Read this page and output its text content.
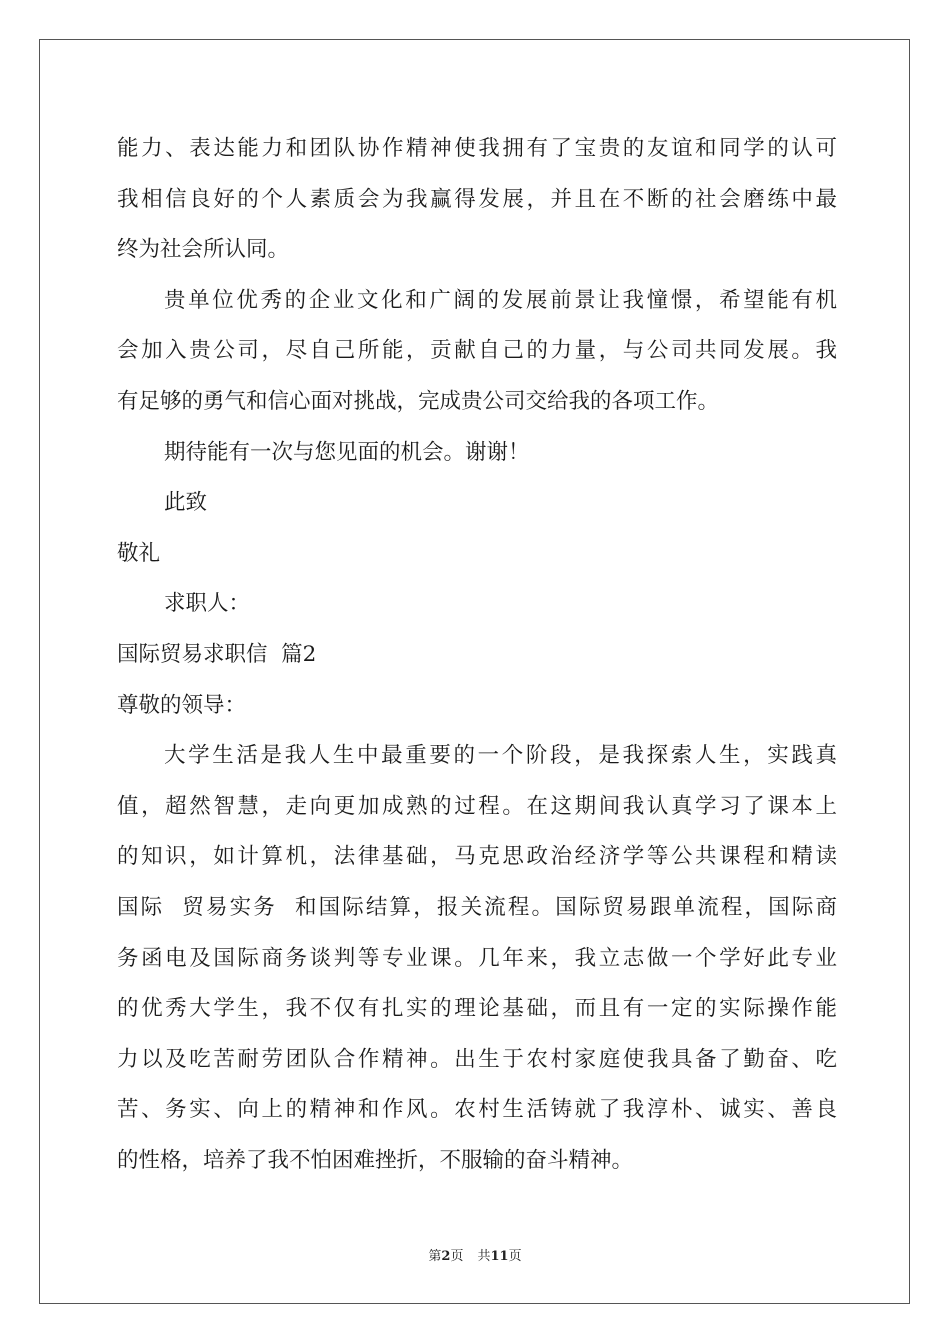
能力、表达能力和团队协作精神使我拥有了宝贵的友谊和同学的认可
我相信良好的个人素质会为我赢得发展，并且在不断的社会磨练中最
终为社会所认同。
贵单位优秀的企业文化和广阔的发展前景让我憧憬，希望能有机
会加入贵公司，尽自己所能，贡献自己的力量，与公司共同发展。我
有足够的勇气和信心面对挑战，完成贵公司交给我的各项工作。
期待能有一次与您见面的机会。谢谢！
此致
敬礼
求职人：
国际贸易求职信  篇2
尊敬的领导：
大学生活是我人生中最重要的一个阶段，是我探索人生，实践真
值，超然智慧，走向更加成熟的过程。在这期间我认真学习了课本上
的知识，如计算机，法律基础，马克思政治经济学等公共课程和精读
国际  贸易实务  和国际结算，报关流程。国际贸易跟单流程，国际商
务函电及国际商务谈判等专业课。几年来，我立志做一个学好此专业
的优秀大学生，我不仅有扎实的理论基础，而且有一定的实际操作能
力以及吃苦耐劳团队合作精神。出生于农村家庭使我具备了勤奋、吃
苦、务实、向上的精神和作风。农村生活铸就了我淳朴、诚实、善良
的性格，培养了我不怕困难挫折，不服输的奋斗精神。
第2页 共11页
